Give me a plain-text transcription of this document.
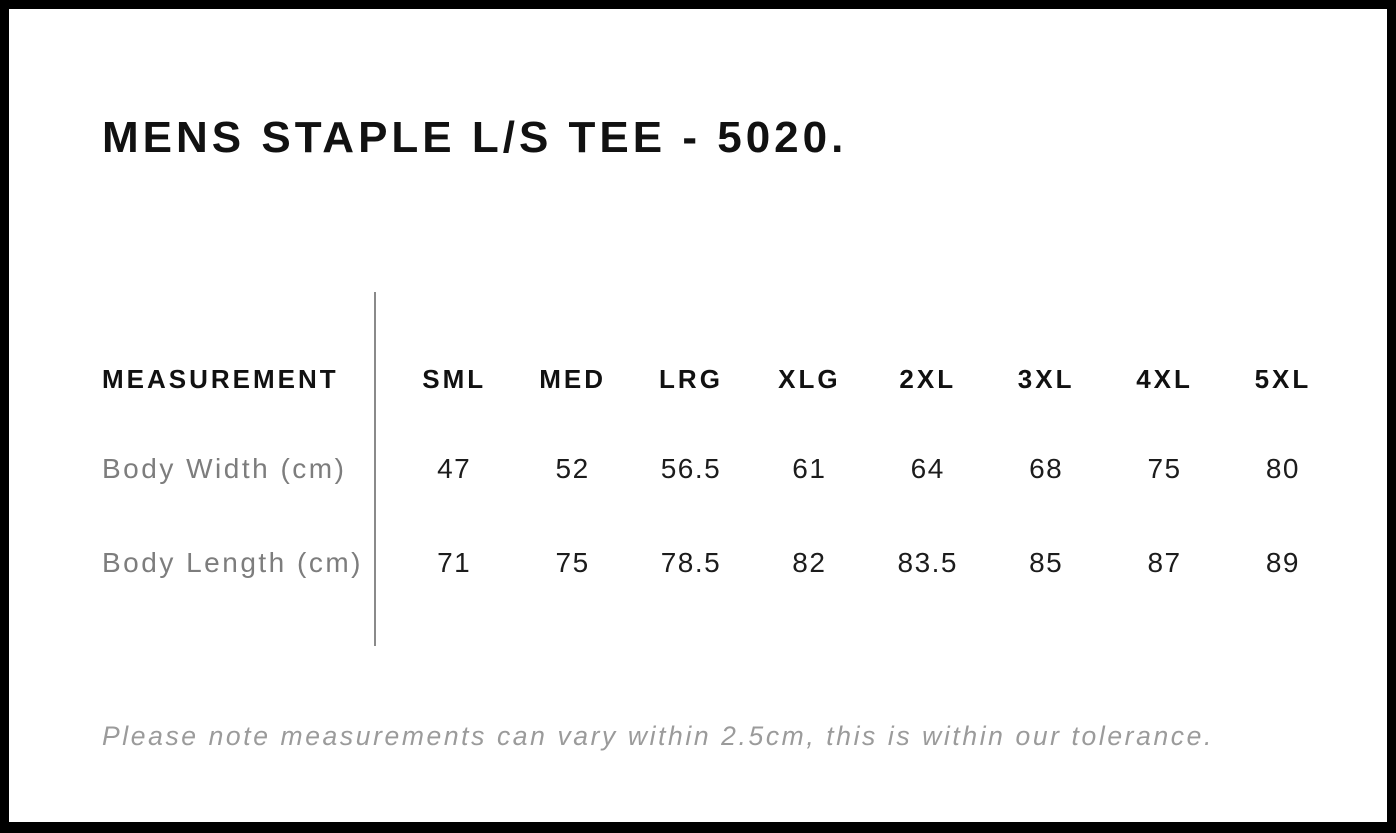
MENS STAPLE L/S TEE - 5020.
MEASUREMENT	SML	MED	LRG	XLG	2XL	3XL	4XL	5XL
Body Width (cm)	47	52	56.5	61	64	68	75	80
Body Length (cm)	71	75	78.5	82	83.5	85	87	89

Please note measurements can vary within 2.5cm, this is within our tolerance.
